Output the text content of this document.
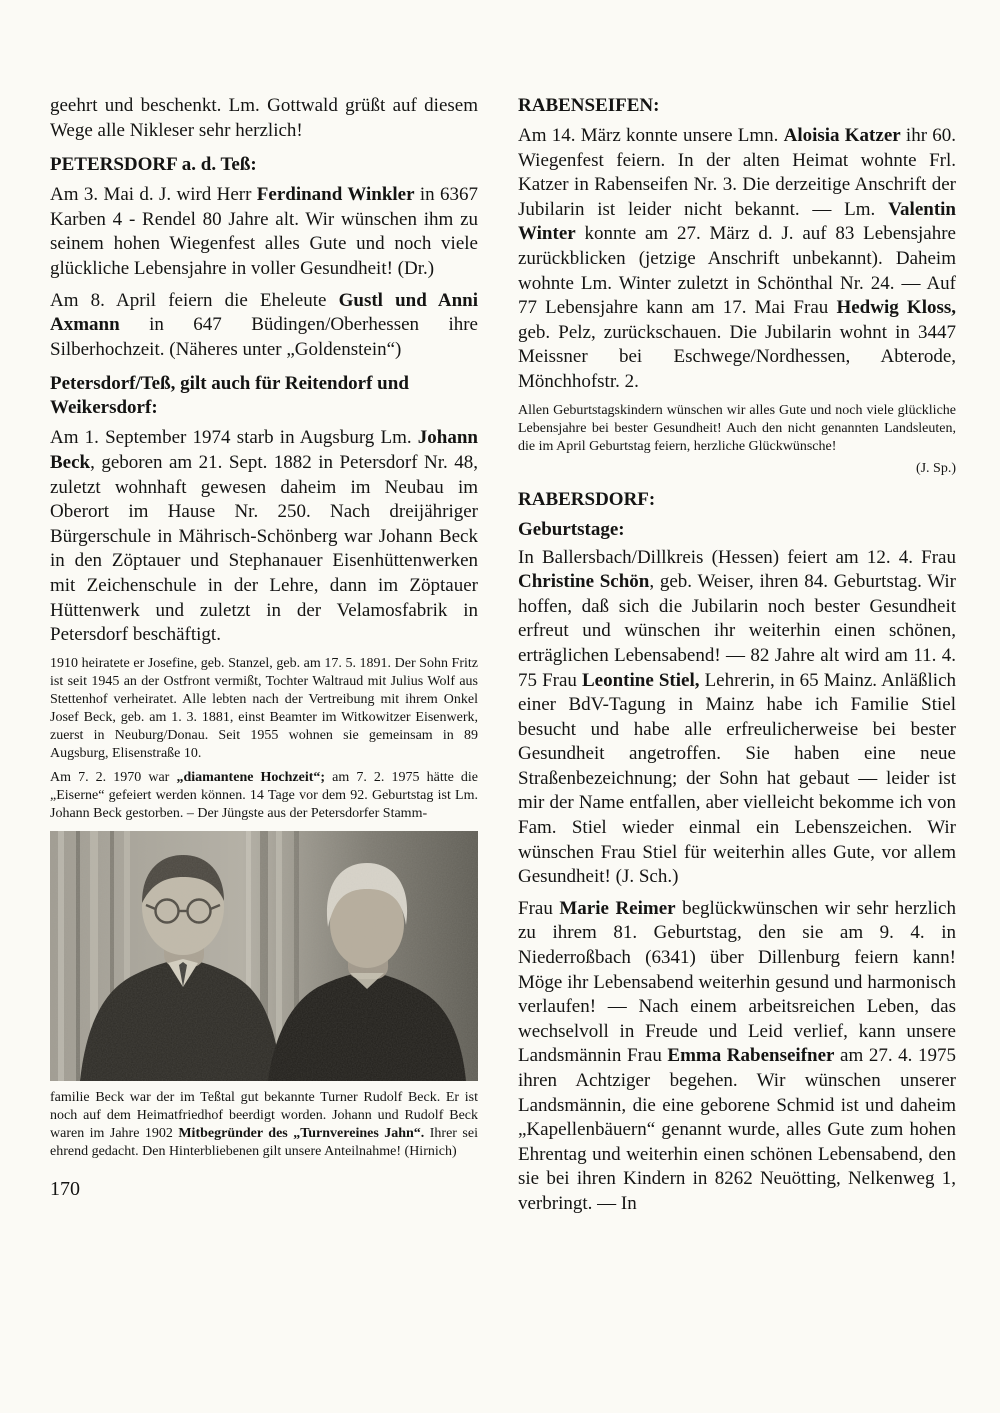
geehrt und beschenkt. Lm. Gottwald grüßt auf diesem Wege alle Nikleser sehr herzlich!

PETERSDORF a. d. Teß:

Am 3. Mai d. J. wird Herr Ferdinand Winkler in 6367 Karben 4 - Rendel 80 Jahre alt. Wir wünschen ihm zu seinem hohen Wiegenfest alles Gute und noch viele glückliche Lebensjahre in voller Gesundheit! (Dr.)

Am 8. April feiern die Eheleute Gustl und Anni Axmann in 647 Büdingen/Oberhessen ihre Silberhochzeit. (Näheres unter „Goldenstein“)

Petersdorf/Teß, gilt auch für Reitendorf und Weikersdorf:

Am 1. September 1974 starb in Augsburg Lm. Johann Beck, geboren am 21. Sept. 1882 in Petersdorf Nr. 48, zuletzt wohnhaft gewesen daheim im Neubau im Oberort im Hause Nr. 250. Nach dreijähriger Bürgerschule in Mährisch-Schönberg war Johann Beck in den Zöptauer und Stephanauer Eisenhüttenwerken mit Zeichenschule in der Lehre, dann im Zöptauer Hüttenwerk und zuletzt in der Velamosfabrik in Petersdorf beschäftigt.

1910 heiratete er Josefine, geb. Stanzel, geb. am 17. 5. 1891. Der Sohn Fritz ist seit 1945 an der Ostfront vermißt, Tochter Waltraud mit Julius Wolf aus Stettenhof verheiratet. Alle lebten nach der Vertreibung mit ihrem Onkel Josef Beck, geb. am 1. 3. 1881, einst Beamter im Witkowitzer Eisenwerk, zuerst in Neuburg/Donau. Seit 1955 wohnen sie gemeinsam in 89 Augsburg, Elisenstraße 10.

Am 7. 2. 1970 war „diamantene Hochzeit“; am 7. 2. 1975 hätte die „Eiserne“ gefeiert werden können. 14 Tage vor dem 92. Geburtstag ist Lm. Johann Beck gestorben. – Der Jüngste aus der Petersdorfer Stamm-

familie Beck war der im Teßtal gut bekannte Turner Rudolf Beck. Er ist noch auf dem Heimatfriedhof beerdigt worden. Johann und Rudolf Beck waren im Jahre 1902 Mitbegründer des „Turnvereines Jahn“. Ihrer sei ehrend gedacht. Den Hinterbliebenen gilt unsere Anteilnahme! (Hirnich)

170
RABENSEIFEN:

Am 14. März konnte unsere Lmn. Aloisia Katzer ihr 60. Wiegenfest feiern. In der alten Heimat wohnte Frl. Katzer in Rabenseifen Nr. 3. Die derzeitige Anschrift der Jubilarin ist leider nicht bekannt. — Lm. Valentin Winter konnte am 27. März d. J. auf 83 Lebensjahre zurückblicken (jetzige Anschrift unbekannt). Daheim wohnte Lm. Winter zuletzt in Schönthal Nr. 24. — Auf 77 Lebensjahre kann am 17. Mai Frau Hedwig Kloss, geb. Pelz, zurückschauen. Die Jubilarin wohnt in 3447 Meissner bei Eschwege/Nordhessen, Abterode, Mönchhofstr. 2.

Allen Geburtstagskindern wünschen wir alles Gute und noch viele glückliche Lebensjahre bei bester Gesundheit! Auch den nicht genannten Landsleuten, die im April Geburtstag feiern, herzliche Glückwünsche!

(J. Sp.)
RABERSDORF:
Geburtstage:

In Ballersbach/Dillkreis (Hessen) feiert am 12. 4. Frau Christine Schön, geb. Weiser, ihren 84. Geburtstag. Wir hoffen, daß sich die Jubilarin noch bester Gesundheit erfreut und wünschen ihr weiterhin einen schönen, erträglichen Lebensabend! — 82 Jahre alt wird am 11. 4. 75 Frau Leontine Stiel, Lehrerin, in 65 Mainz. Anläßlich einer BdV-Tagung in Mainz habe ich Familie Stiel besucht und habe alle erfreulicherweise bei bester Gesundheit angetroffen. Sie haben eine neue Straßenbezeichnung; der Sohn hat gebaut — leider ist mir der Name entfallen, aber vielleicht bekomme ich von Fam. Stiel wieder einmal ein Lebenszeichen. Wir wünschen Frau Stiel für weiterhin alles Gute, vor allem Gesundheit! (J. Sch.)

Frau Marie Reimer beglückwünschen wir sehr herzlich zu ihrem 81. Geburtstag, den sie am 9. 4. in Niederroßbach (6341) über Dillenburg feiern kann! Möge ihr Lebensabend weiterhin gesund und harmonisch verlaufen! — Nach einem arbeitsreichen Leben, das wechselvoll in Freude und Leid verlief, kann unsere Landsmännin Frau Emma Rabenseifner am 27. 4. 1975 ihren Achtziger begehen. Wir wünschen unserer Landsmännin, die eine geborene Schmid ist und daheim „Kapellenbäuern“ genannt wurde, alles Gute zum hohen Ehrentag und weiterhin einen schönen Lebensabend, den sie bei ihren Kindern in 8262 Neuötting, Nelkenweg 1, verbringt. — In
